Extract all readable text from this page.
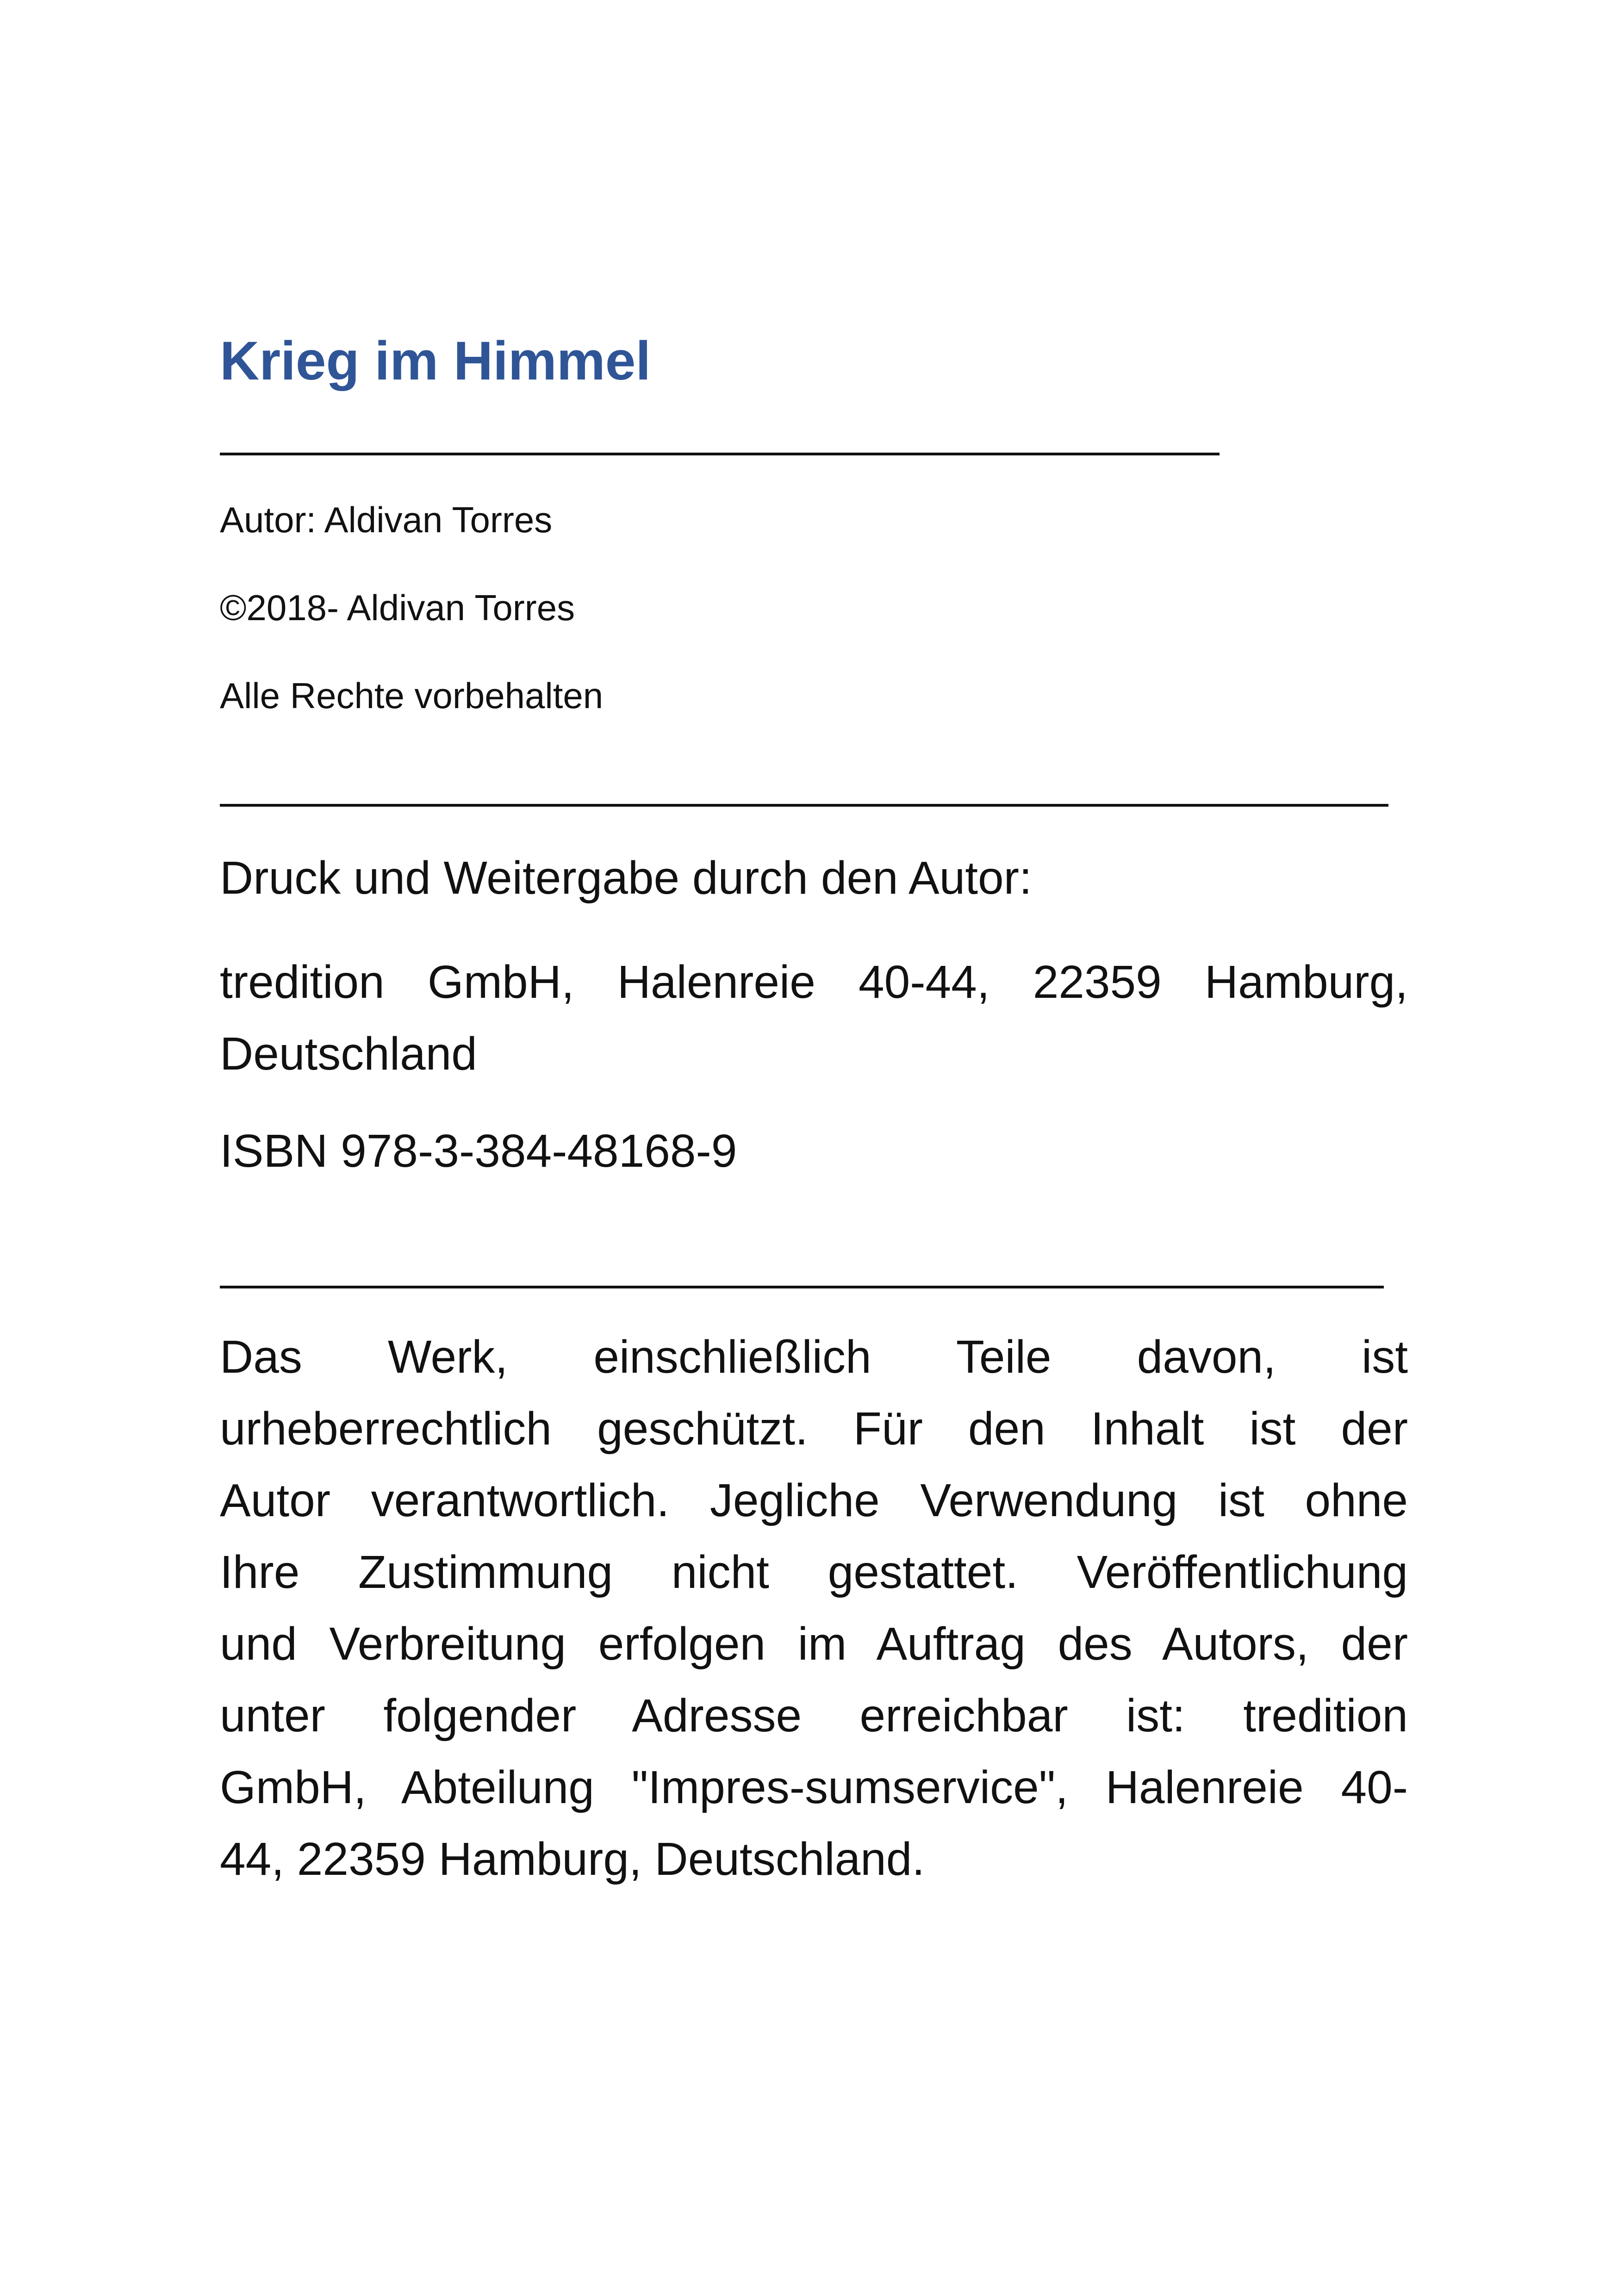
Krieg im Himmel

Autor: Aldivan Torres

©2018- Aldivan Torres

Alle Rechte vorbehalten

Druck und Weitergabe durch den Autor:

tredition GmbH, Halenreie 40-44, 22359 Hamburg,
Deutschland

ISBN 978-3-384-48168-9

Das Werk, einschließlich Teile davon, ist
urheberrechtlich geschützt. Für den Inhalt ist der
Autor verantwortlich. Jegliche Verwendung ist ohne
Ihre Zustimmung nicht gestattet. Veröffentlichung
und Verbreitung erfolgen im Auftrag des Autors, der
unter folgender Adresse erreichbar ist: tredition
GmbH, Abteilung "Impres-sumservice", Halenreie 40-
44, 22359 Hamburg, Deutschland.
